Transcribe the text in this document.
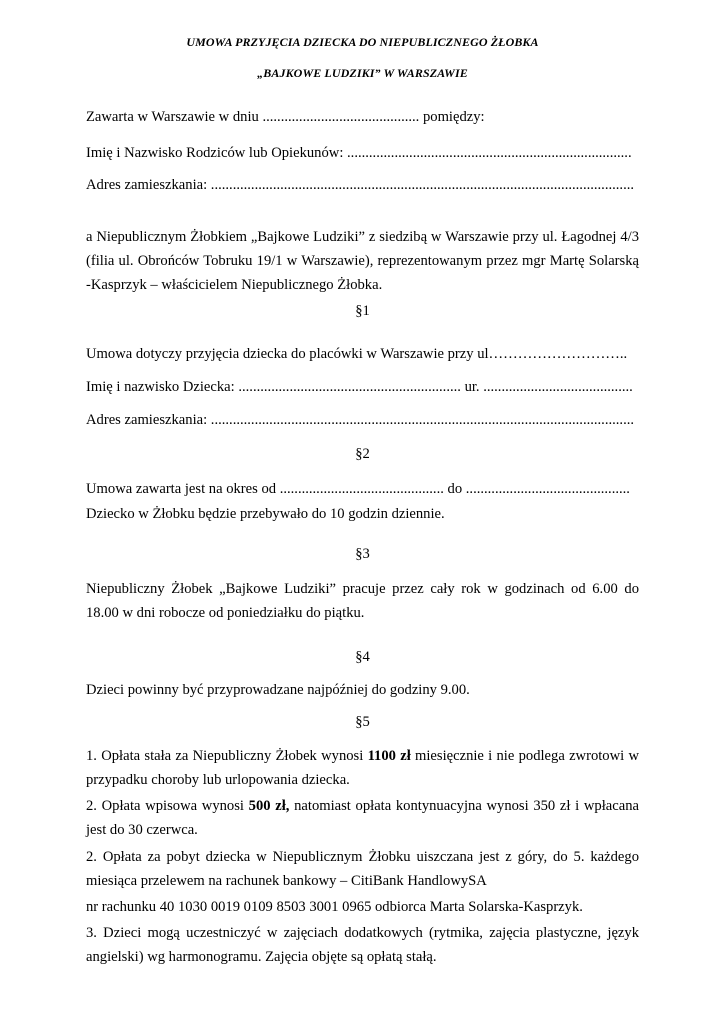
UMOWA PRZYJĘCIA DZIECKA DO NIEPUBLICZNEGO ŻŁOBKA
„BAJKOWE LUDZIKI” W WARSZAWIE
Zawarta w Warszawie w dniu ........................................... pomiędzy:
Imię i Nazwisko Rodziców lub Opiekunów: ..............................................................................
Adres zamieszkania: ....................................................................................................................
a Niepublicznym Żłobkiem „Bajkowe Ludziki” z siedzibą w Warszawie przy ul. Łagodnej 4/3
(filia ul. Obrońców Tobruku 19/1 w Warszawie), reprezentowanym przez mgr Martę Solarską
-Kasprzyk – właścicielem Niepublicznego Żłobka.
§1
Umowa dotyczy przyjęcia dziecka do placówki w Warszawie przy ul………………………..
Imię i nazwisko Dziecka: ............................................................. ur. .........................................
Adres zamieszkania: ....................................................................................................................
§2
Umowa zawarta jest na okres od ............................................. do .............................................
Dziecko w Żłobku będzie przebywało do 10 godzin dziennie.
§3
Niepubliczny Żłobek „Bajkowe Ludziki” pracuje przez cały rok w godzinach od 6.00 do
18.00 w dni robocze od poniedziałku do piątku.
§4
Dzieci powinny być przyprowadzane najpóźniej do godziny 9.00.
§5
1. Opłata stała za Niepubliczny Żłobek wynosi 1100 zł miesięcznie i nie podlega zwrotowi w
przypadku choroby lub urlopowania dziecka.
2. Opłata wpisowa wynosi 500 zł, natomiast opłata kontynuacyjna wynosi 350 zł i wpłacana
jest do 30 czerwca.
2. Opłata za pobyt dziecka w Niepublicznym Żłobku uiszczana jest z góry, do 5. każdego
miesiąca przelewem na rachunek bankowy – CitiBank HandlowySA
nr rachunku 40 1030 0019 0109 8503 3001 0965 odbiorca Marta Solarska-Kasprzyk.
3. Dzieci mogą uczestniczyć w zajęciach dodatkowych (rytmika, zajęcia plastyczne, język
angielski) wg harmonogramu. Zajęcia objęte są opłatą stałą.
